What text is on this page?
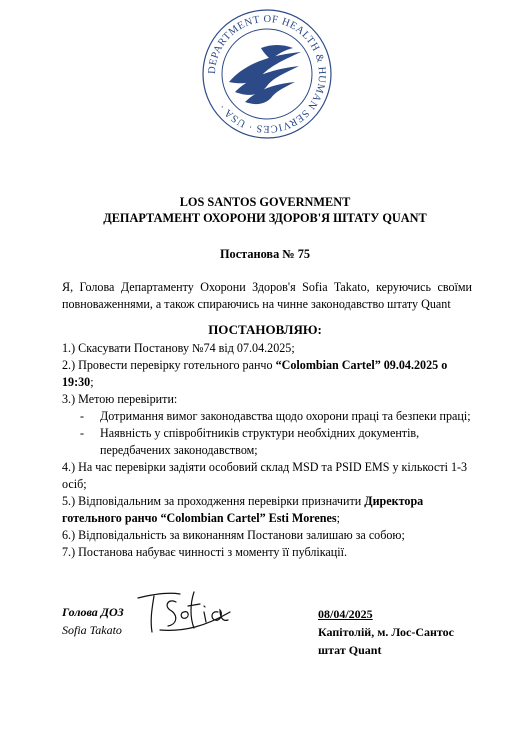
DEPARTMENT OF HEALTH & HUMAN SERVICES · USA ·
LOS SANTOS GOVERNMENT
ДЕПАРТАМЕНТ ОХОРОНИ ЗДОРОВ'Я ШТАТУ QUANT
Постанова № 75
Я, Голова Департаменту Охорони Здоров'я Sofia Takato, керуючись своїми повноваженнями, а також спираючись на чинне законодавство штату Quant
ПОСТАНОВЛЯЮ:

1.) Скасувати Постанову №74 від 07.04.2025;

2.) Провести перевірку готельного ранчо “Colombian Cartel” 09.04.2025 о 19:30;

3.) Метою перевірити:

- Дотримання вимог законодавства щодо охорони праці та безпеки праці;

- Наявність у співробітників структури необхідних документів, передбачених законодавством;

4.) На час перевірки задіяти особовий склад MSD та PSID EMS у кількості 1-3 осіб;

5.) Відповідальним за проходження перевірки призначити Директора готельного ранчо “Colombian Cartel” Esti Morenes;

6.) Відповідальність за виконанням Постанови залишаю за собою;

7.) Постанова набуває чинності з моменту її публікації.

Голова ДОЗ
Sofia Takato
08/04/2025
Капітолій, м. Лос-Сантос
штат Quant
